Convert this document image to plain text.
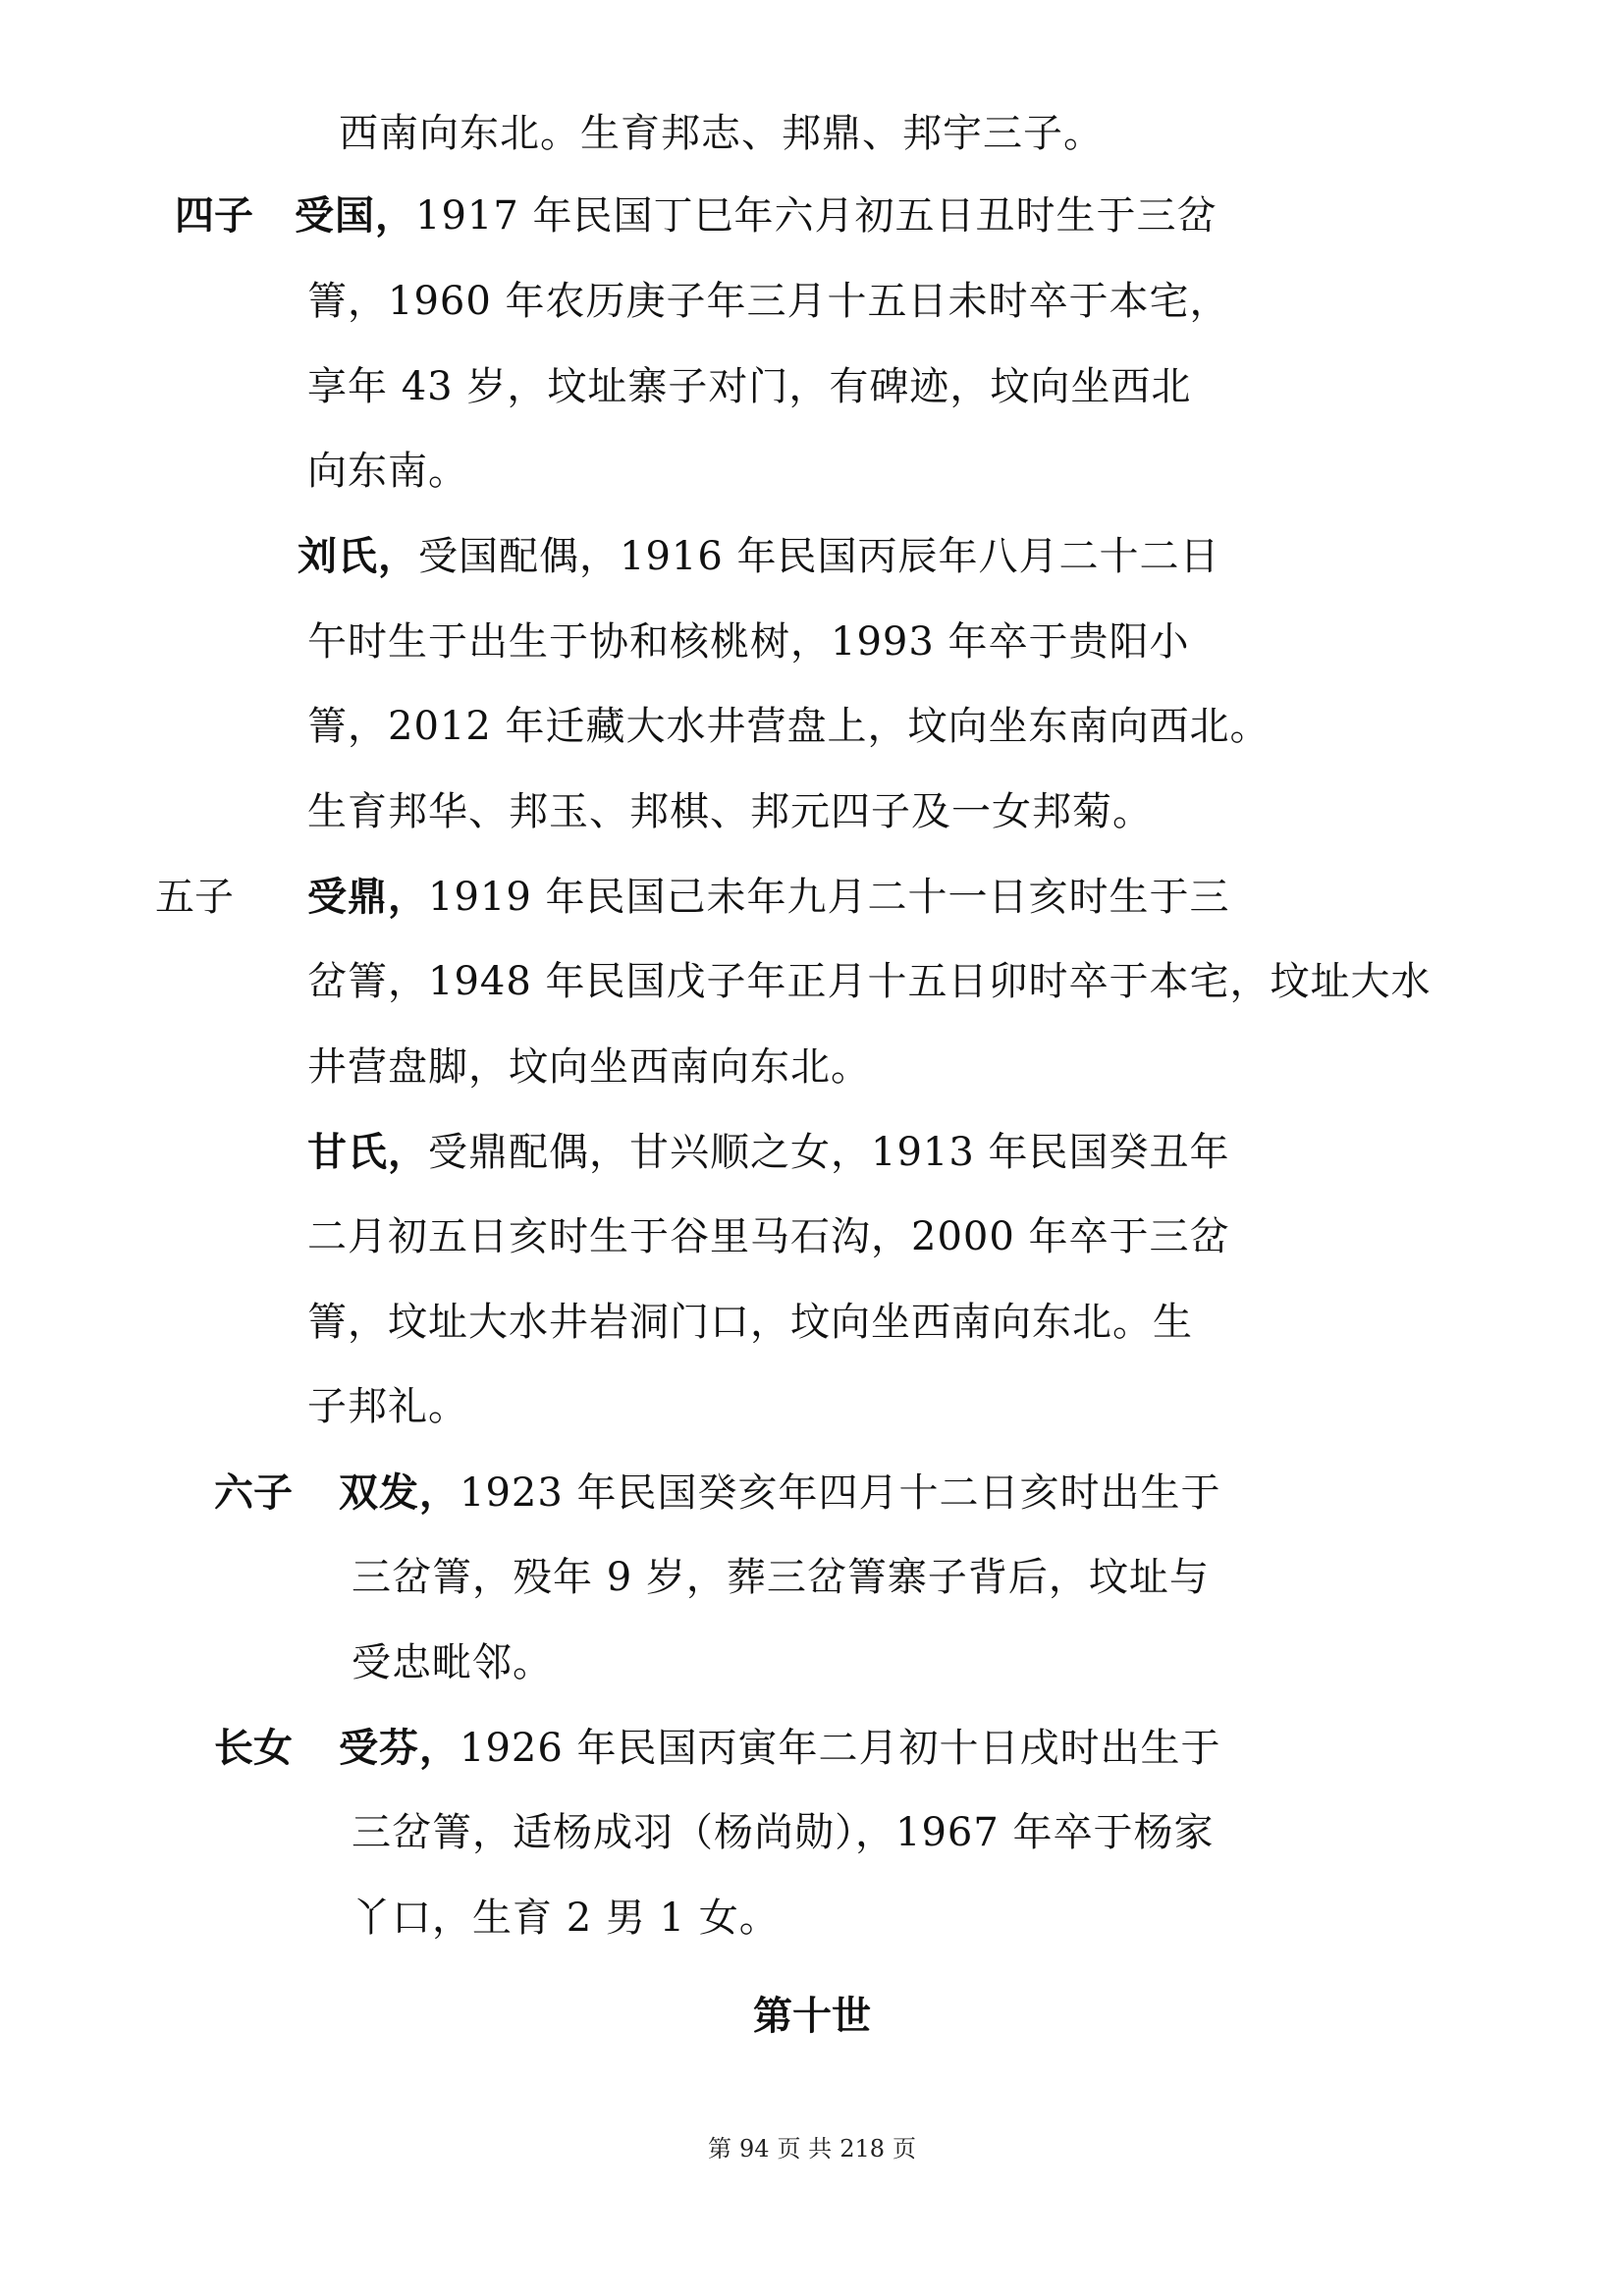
西南向东北。生育邦志、邦鼎、邦宇三子。
四子 受国，1917 年民国丁巳年六月初五日丑时生于三岔
箐，1960 年农历庚子年三月十五日未时卒于本宅，
享年 43 岁，坟址寨子对门，有碑迹，坟向坐西北
向东南。
刘氏，受国配偶，1916 年民国丙辰年八月二十二日
午时生于出生于协和核桃树，1993 年卒于贵阳小
箐，2012 年迁藏大水井营盘上，坟向坐东南向西北。
生育邦华、邦玉、邦棋、邦元四子及一女邦菊。
五子 受鼎，1919 年民国己未年九月二十一日亥时生于三
岔箐，1948 年民国戊子年正月十五日卯时卒于本宅，坟址大水
井营盘脚，坟向坐西南向东北。
甘氏，受鼎配偶，甘兴顺之女，1913 年民国癸丑年
二月初五日亥时生于谷里马石沟，2000 年卒于三岔
箐，坟址大水井岩洞门口，坟向坐西南向东北。生
子邦礼。
六子 双发，1923 年民国癸亥年四月十二日亥时出生于
三岔箐，殁年 9 岁，葬三岔箐寨子背后，坟址与
受忠毗邻。
长女 受芬，1926 年民国丙寅年二月初十日戌时出生于
三岔箐，适杨成羽（杨尚勋），1967 年卒于杨家
丫口，生育 2 男 1 女。
第十世
第 94 页 共 218 页
